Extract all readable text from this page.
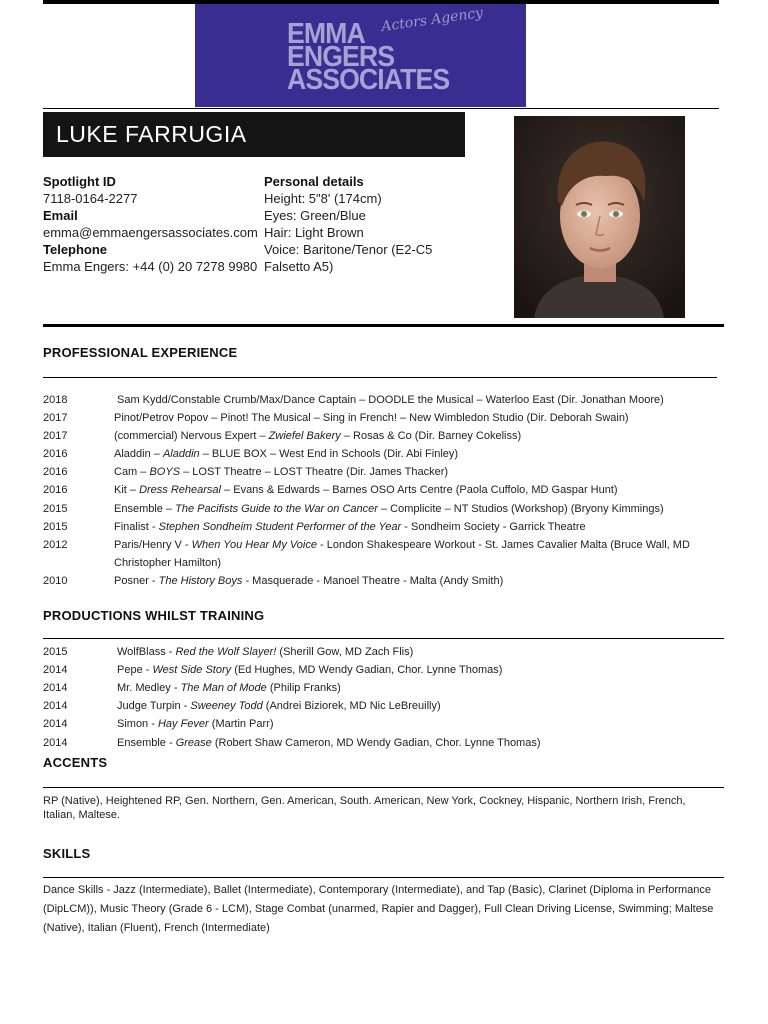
EMMA
ENGERS
ASSOCIATES
Actors Agency
LUKE FARRUGIA
Spotlight ID
7118-0164-2277
Email
emma@emmaengersassociates.com
Telephone
Emma Engers: +44 (0) 20 7278 9980
Personal details
Height: 5"8' (174cm)
Eyes: Green/Blue
Hair: Light Brown
Voice: Baritone/Tenor (E2-C5 Falsetto A5)
PROFESSIONAL EXPERIENCE
2018	Sam Kydd/Constable Crumb/Max/Dance Captain – DOODLE the Musical – Waterloo East (Dir. Jonathan Moore)
2017	Pinot/Petrov Popov – Pinot! The Musical – Sing in French! – New Wimbledon Studio (Dir. Deborah Swain)
2017	(commercial) Nervous Expert – Zwiefel Bakery – Rosas & Co (Dir. Barney Cokeliss)
2016	Aladdin – Aladdin – BLUE BOX – West End in Schools (Dir. Abi Finley)
2016	Cam – BOYS – LOST Theatre – LOST Theatre (Dir. James Thacker)
2016	Kit – Dress Rehearsal – Evans & Edwards – Barnes OSO Arts Centre (Paola Cuffolo, MD Gaspar Hunt)
2015	Ensemble – The Pacifists Guide to the War on Cancer – Complicite – NT Studios (Workshop) (Bryony Kimmings)
2015	Finalist - Stephen Sondheim Student Performer of the Year - Sondheim Society - Garrick Theatre
2012	Paris/Henry V - When You Hear My Voice - London Shakespeare Workout - St. James Cavalier Malta (Bruce Wall, MD Christopher Hamilton)
2010	Posner - The History Boys - Masquerade - Manoel Theatre - Malta (Andy Smith)
PRODUCTIONS WHILST TRAINING
2015	WolfBlass - Red the Wolf Slayer! (Sherill Gow, MD Zach Flis)
2014	Pepe - West Side Story (Ed Hughes, MD Wendy Gadian, Chor. Lynne Thomas)
2014	Mr. Medley - The Man of Mode (Philip Franks)
2014	Judge Turpin - Sweeney Todd (Andrei Biziorek, MD Nic LeBreuilly)
2014	Simon - Hay Fever (Martin Parr)
2014	Ensemble - Grease (Robert Shaw Cameron, MD Wendy Gadian, Chor. Lynne Thomas)
ACCENTS
RP (Native), Heightened RP, Gen. Northern, Gen. American, South. American, New York, Cockney, Hispanic, Northern Irish, French, Italian, Maltese.
SKILLS
Dance Skills - Jazz (Intermediate), Ballet (Intermediate), Contemporary (Intermediate), and Tap (Basic), Clarinet (Diploma in Performance (DipLCM)), Music Theory (Grade 6 - LCM), Stage Combat (unarmed, Rapier and Dagger), Full Clean Driving License, Swimming; Maltese (Native), Italian (Fluent), French (Intermediate)
